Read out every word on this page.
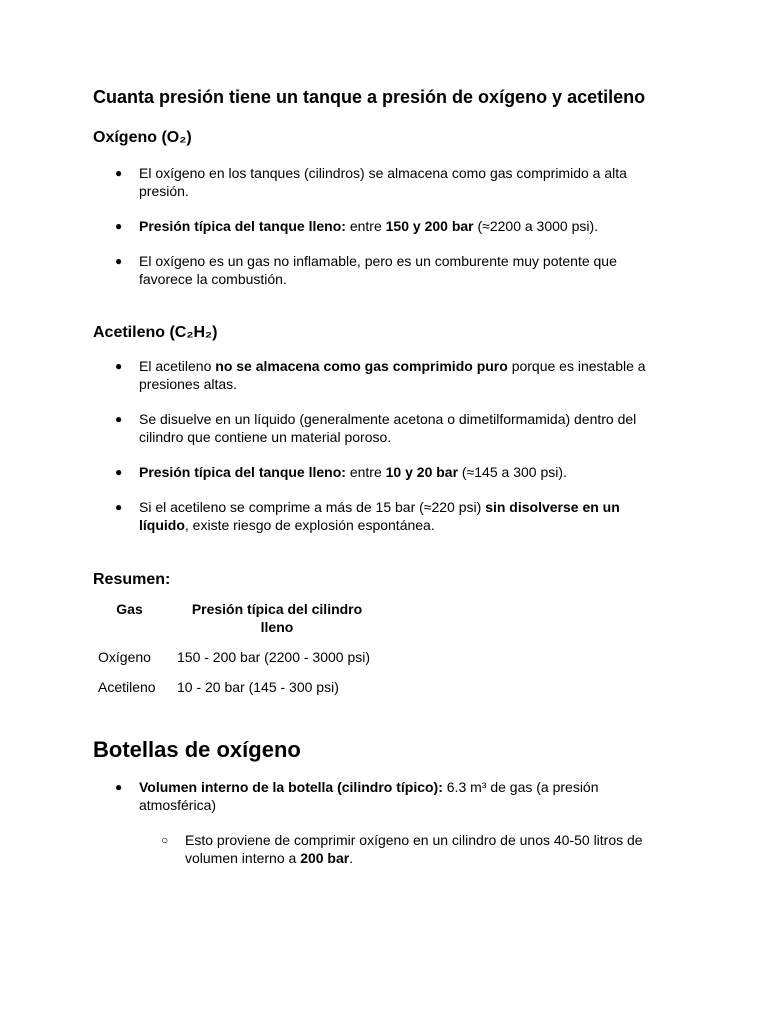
Cuanta presión tiene un tanque a presión de oxígeno y acetileno
Oxígeno (O₂)
● El oxígeno en los tanques (cilindros) se almacena como gas comprimido a alta presión.
● Presión típica del tanque lleno: entre 150 y 200 bar (≈2200 a 3000 psi).
● El oxígeno es un gas no inflamable, pero es un comburente muy potente que favorece la combustión.
Acetileno (C₂H₂)
● El acetileno no se almacena como gas comprimido puro porque es inestable a presiones altas.
● Se disuelve en un líquido (generalmente acetona o dimetilformamida) dentro del cilindro que contiene un material poroso.
● Presión típica del tanque lleno: entre 10 y 20 bar (≈145 a 300 psi).
● Si el acetileno se comprime a más de 15 bar (≈220 psi) sin disolverse en un líquido, existe riesgo de explosión espontánea.
Resumen:
Gas	Presión típica del cilindro lleno
Oxígeno	150 - 200 bar (2200 - 3000 psi)
Acetileno	10 - 20 bar (145 - 300 psi)
Botellas de oxígeno
● Volumen interno de la botella (cilindro típico): 6.3 m³ de gas (a presión atmosférica)
○ Esto proviene de comprimir oxígeno en un cilindro de unos 40-50 litros de volumen interno a 200 bar.
